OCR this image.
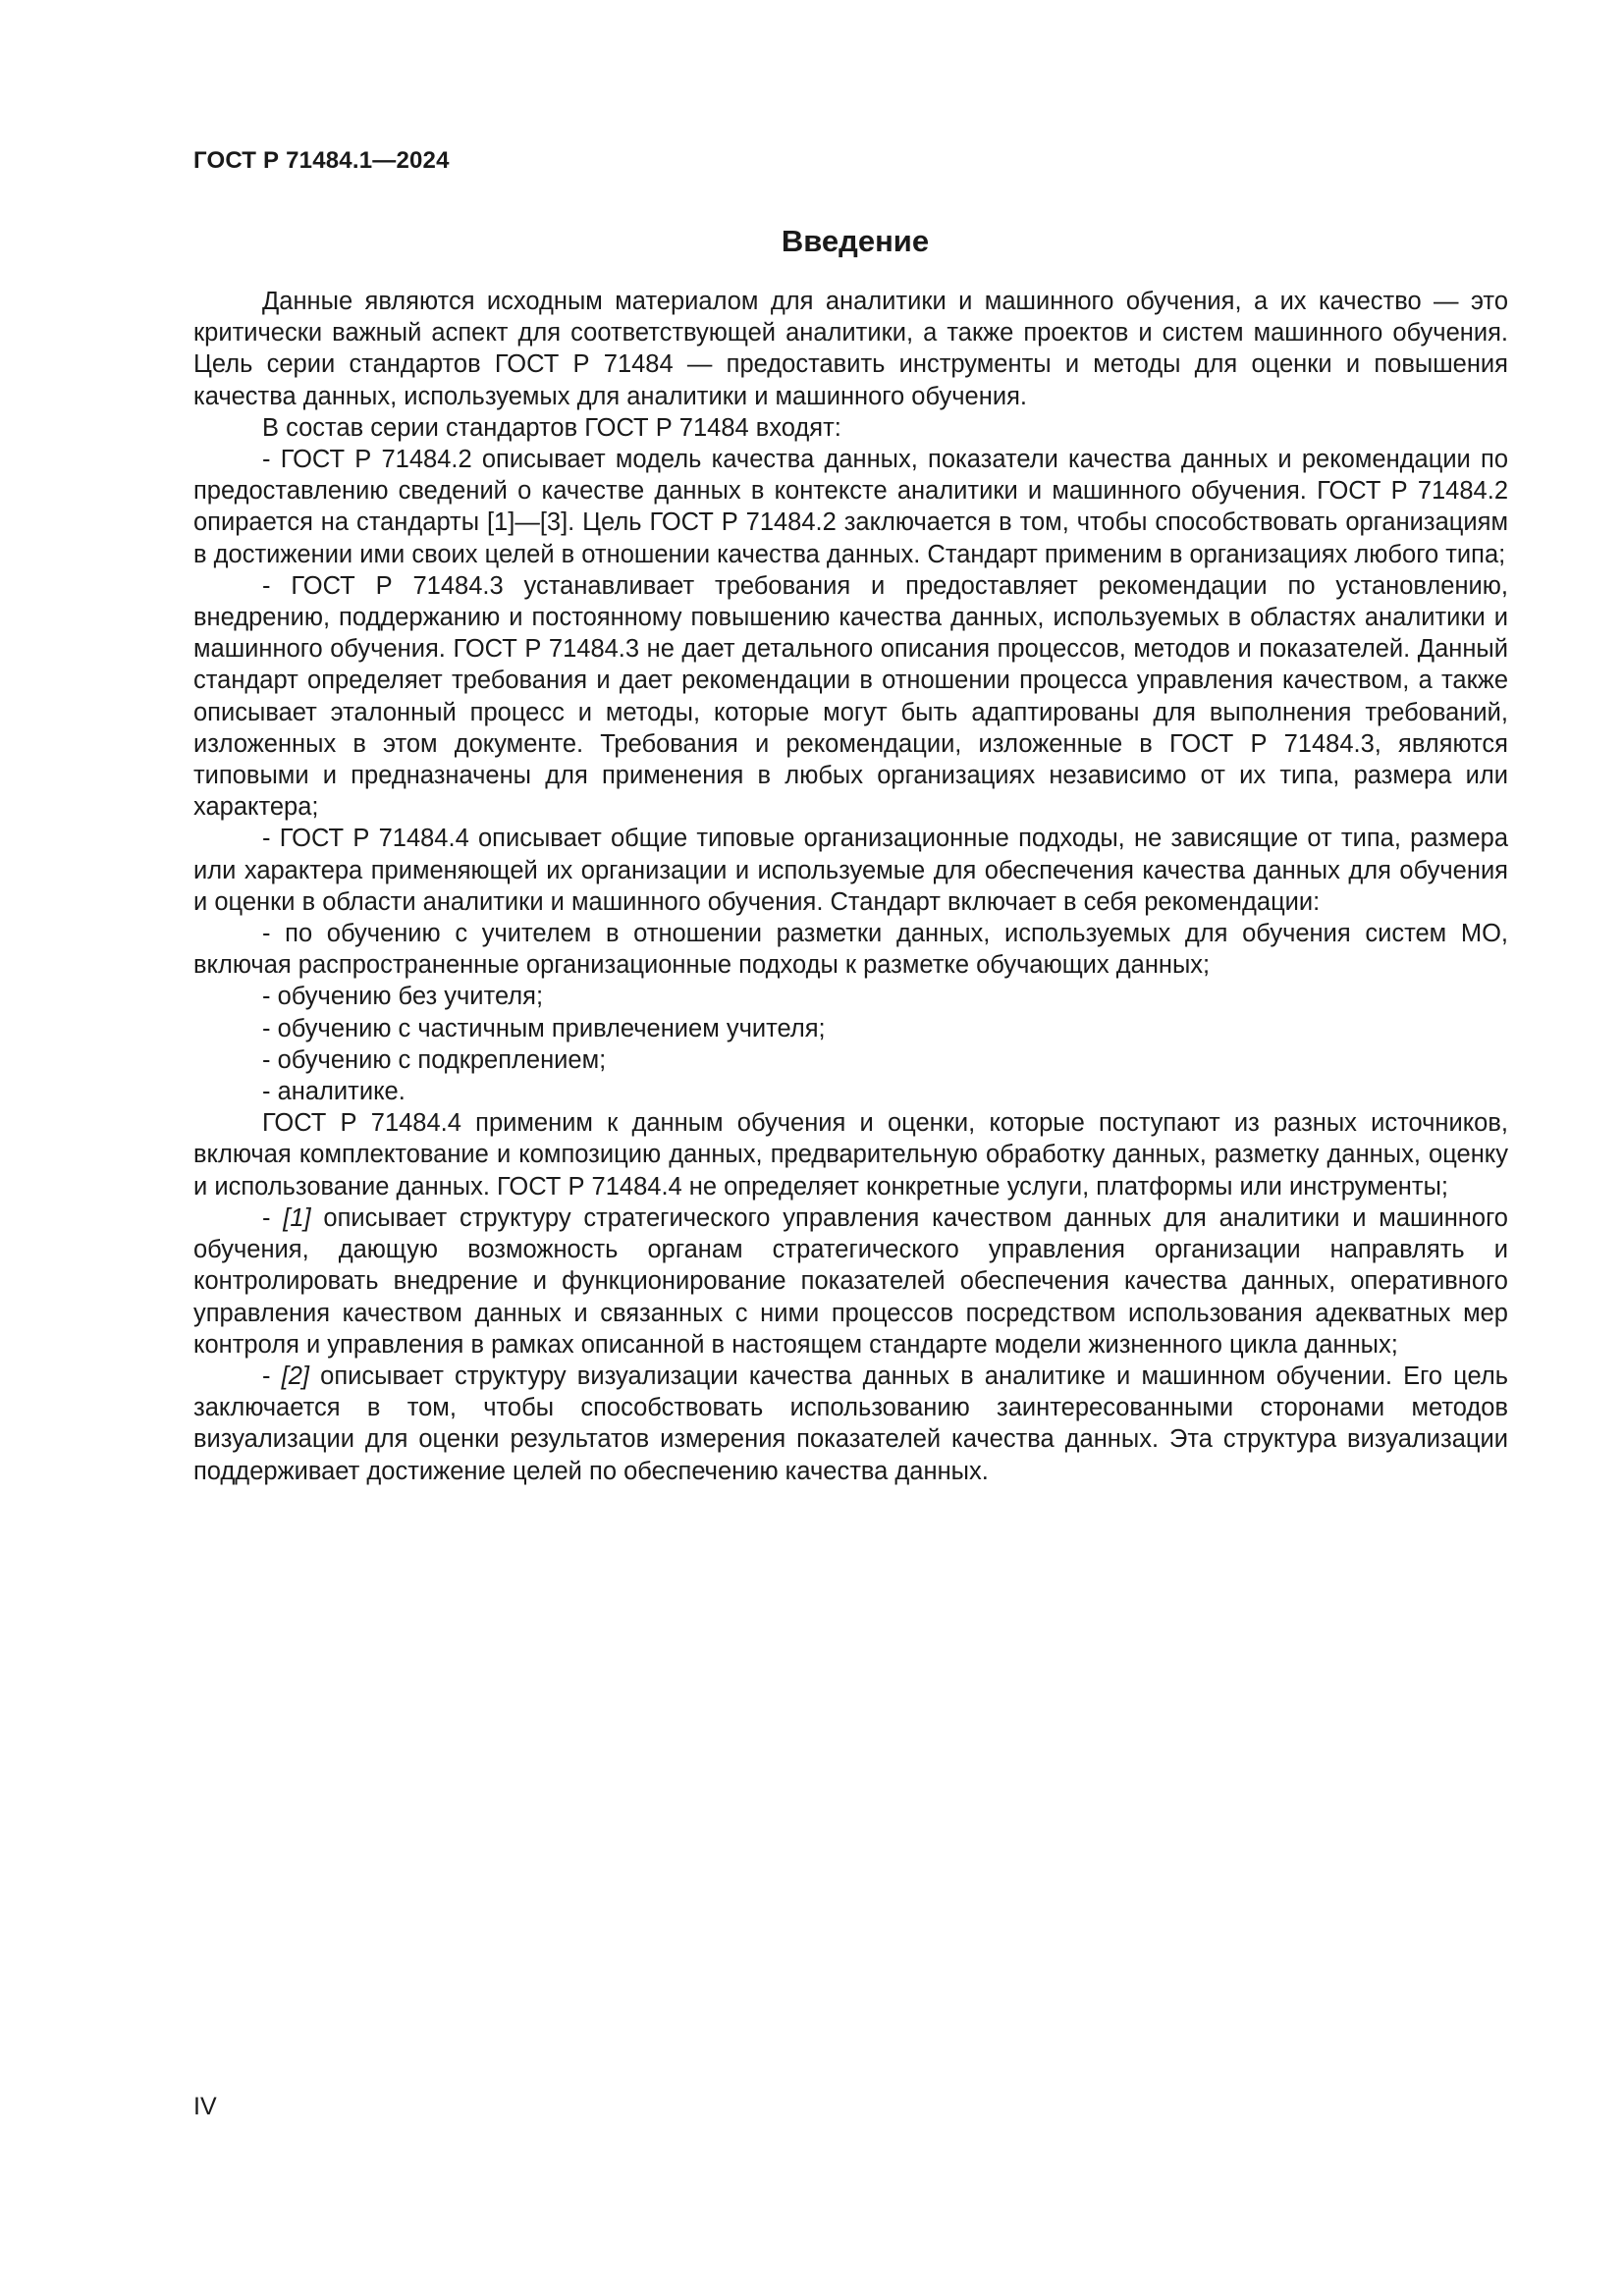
ГОСТ Р 71484.1—2024
Введение

Данные являются исходным материалом для аналитики и машинного обучения, а их качество — это критически важный аспект для соответствующей аналитики, а также проектов и систем машинного обучения. Цель серии стандартов ГОСТ Р 71484 — предоставить инструменты и методы для оценки и повышения качества данных, используемых для аналитики и машинного обучения.

В состав серии стандартов ГОСТ Р 71484 входят:

- ГОСТ Р 71484.2 описывает модель качества данных, показатели качества данных и рекомендации по предоставлению сведений о качестве данных в контексте аналитики и машинного обучения. ГОСТ Р 71484.2 опирается на стандарты [1]—[3]. Цель ГОСТ Р 71484.2 заключается в том, чтобы способствовать организациям в достижении ими своих целей в отношении качества данных. Стандарт применим в организациях любого типа;

- ГОСТ Р 71484.3 устанавливает требования и предоставляет рекомендации по установлению, внедрению, поддержанию и постоянному повышению качества данных, используемых в областях аналитики и машинного обучения. ГОСТ Р 71484.3 не дает детального описания процессов, методов и показателей. Данный стандарт определяет требования и дает рекомендации в отношении процесса управления качеством, а также описывает эталонный процесс и методы, которые могут быть адаптированы для выполнения требований, изложенных в этом документе. Требования и рекомендации, изложенные в ГОСТ Р 71484.3, являются типовыми и предназначены для применения в любых организациях независимо от их типа, размера или характера;

- ГОСТ Р 71484.4 описывает общие типовые организационные подходы, не зависящие от типа, размера или характера применяющей их организации и используемые для обеспечения качества данных для обучения и оценки в области аналитики и машинного обучения. Стандарт включает в себя рекомендации:

- по обучению с учителем в отношении разметки данных, используемых для обучения систем МО, включая распространенные организационные подходы к разметке обучающих данных;

- обучению без учителя;

- обучению с частичным привлечением учителя;

- обучению с подкреплением;

- аналитике.

ГОСТ Р 71484.4 применим к данным обучения и оценки, которые поступают из разных источников, включая комплектование и композицию данных, предварительную обработку данных, разметку данных, оценку и использование данных. ГОСТ Р 71484.4 не определяет конкретные услуги, платформы или инструменты;

- [1] описывает структуру стратегического управления качеством данных для аналитики и машинного обучения, дающую возможность органам стратегического управления организации направлять и контролировать внедрение и функционирование показателей обеспечения качества данных, оперативного управления качеством данных и связанных с ними процессов посредством использования адекватных мер контроля и управления в рамках описанной в настоящем стандарте модели жизненного цикла данных;

- [2] описывает структуру визуализации качества данных в аналитике и машинном обучении. Его цель заключается в том, чтобы способствовать использованию заинтересованными сторонами методов визуализации для оценки результатов измерения показателей качества данных. Эта структура визуализации поддерживает достижение целей по обеспечению качества данных.

IV
